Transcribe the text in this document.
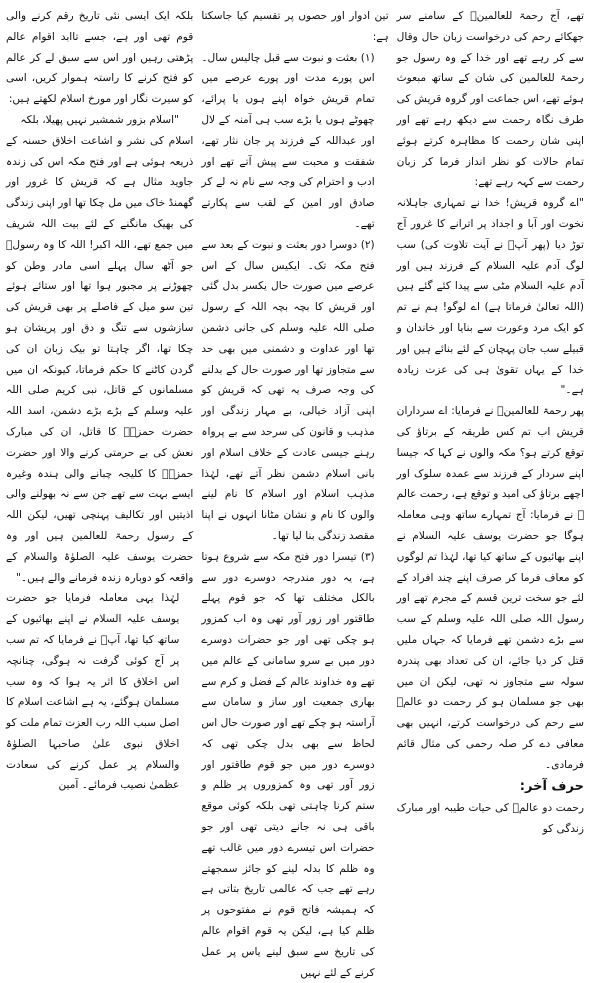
تھے، آج رحمۃ للعالمینؐ کے سامنے سر جھکائے رحم کی درخواست زبان حال وقال سے کر رہے تھے اور خدا کے وہ رسول جو رحمۃ للعالمین کی شان کے ساتھ مبعوث ہوئے تھے، اس جماعت اور گروہ قریش کی طرف نگاہ رحمت سے دیکھ رہے تھے اور اپنی شان رحمت کا مظاہرہ کرتے ہوئے تمام حالات کو نظر انداز فرما کر زبان رحمت سے کہہ رہے تھے:

"اے گروہ قریش! خدا نے تمہاری جاہلانہ نخوت اور آبا و اجداد پر اترانے کا غرور آج توڑ دیا (پھر آپؐ نے آیت تلاوت کی) سب لوگ آدم علیہ السلام کے فرزند ہیں اور آدم علیہ السلام مٹی سے پیدا کئے گئے ہیں (اللہ تعالیٰ فرماتا ہے) اے لوگو! ہم نے تم کو ایک مرد وعورت سے بنایا اور خاندان و قبیلے سب جان پہچان کے لئے بنائے ہیں اور خدا کے یہاں تقویٰ ہی کی عزت زیادہ ہے۔"

پھر رحمۃ للعالمینؐ نے فرمایا: اے سرداران قریش اب تم کس طریقہ کے برتاؤ کی توقع کرتے ہو؟ مکہ والوں نے کہا کہ جیسا اپنے سردار کے فرزند سے عمدہ سلوک اور اچھے برتاؤ کی امید و توقع ہے، رحمت عالم ﷺ نے فرمایا: آج تمہارے ساتھ وہی معاملہ ہوگا جو حضرت یوسف علیہ السلام نے اپنے بھائیوں کے ساتھ کیا تھا، لہٰذا تم لوگوں کو معاف فرما کر صرف اپنے چند افراد کے لئے جو سخت ترین قسم کے مجرم تھے اور رسول اللہ صلی اللہ علیہ وسلم کے سب سے بڑے دشمن تھے فرمایا کہ جہاں ملیں قتل کر دیا جائے، ان کی تعداد بھی پندرہ سولہ سے متجاوز نہ تھی، لیکن ان میں بھی جو مسلمان ہو کر رحمت دو عالمؐ سے رحم کی درخواست کرتے، انہیں بھی معافی دے کر صلہ رحمی کی مثال قائم فرمادی۔

حرف آخر:

رحمت دو عالمؐ کی حیات طیبہ اور مبارک زندگی کو

تین ادوار اور حصوں پر تقسیم کیا جاسکتا ہے:

(۱) بعثت و نبوت سے قبل چالیس سال۔ اس پورے مدت اور پورے عرصے میں تمام قریش خواہ اپنے ہوں یا پرائے، چھوٹے ہوں یا بڑے سب ہی آمنہ کے لال اور عبداللہ کے فرزند پر جان نثار تھے، شفقت و محبت سے پیش آتے تھے اور ادب و احترام کی وجہ سے نام نہ لے کر صادق اور امین کے لقب سے پکارتے تھے۔

(۲) دوسرا دور بعثت و نبوت کے بعد سے فتح مکہ تک۔ ایکیس سال کے اس عرصے میں صورت حال یکسر بدل گئی اور قریش کا بچہ بچہ اللہ کے رسول صلی اللہ علیہ وسلم کی جانی دشمن تھا اور عداوت و دشمنی میں بھی حد سے متجاوز تھا اور صورت حال کے بدلنے کی وجہ صرف یہ تھی کہ قریش کو اپنی آزاد خیالی، بے مہار زندگی اور مذہب و قانون کی سرحد سے بے پرواہ رہنے جیسی عادت کے خلاف اسلام اور بانی اسلام دشمن نظر آتے تھے، لہٰذا مذہب اسلام اور اسلام کا نام لینے والوں کا نام و نشان مٹانا انہوں نے اپنا مقصد زندگی بنا لیا تھا۔

(۳) تیسرا دور فتح مکہ سے شروع ہوتا ہے، یہ دور مندرجہ دوسرے دور سے بالکل مختلف تھا کہ جو قوم پہلے طاقتور اور زور آور تھی وہ اب کمزور ہو چکی تھی اور جو حضرات دوسرے دور میں بے سرو سامانی کے عالم میں تھے وہ خداوند عالم کے فضل و کرم سے بھاری جمعیت اور ساز و سامان سے آراستہ ہو چکے تھے اور صورت حال اس لحاظ سے بھی بدل چکی تھی کہ دوسرے دور میں جو قوم طاقتور اور زور آور تھی وہ کمزوروں پر ظلم و ستم کرنا چاہتی تھی بلکہ کوئی موقع باقی ہی نہ جانے دیتی تھی اور جو حضرات اس تیسرے دور میں غالب تھے وہ ظلم کا بدلہ لینے کو جائز سمجھتے رہے تھے جب کہ عالمی تاریخ بتاتی ہے کہ ہمیشہ فاتح قوم نے مفتوحوں پر ظلم کیا ہے، لیکن یہ قوم اقوام عالم کی تاریخ سے سبق لینے یاس پر عمل کرنے کے لئے نہیں

بلکہ ایک ایسی نئی تاریخ رقم کرنے والی قوم تھی اور ہے، جسے تاابد اقوام عالم پڑھتی رہیں اور اس سے سبق لے کر عالم کو فتح کرنے کا راستہ ہموار کریں، اسی کو سیرت نگار اور مورخ اسلام لکھتے ہیں:

"اسلام بزور شمشیر نہیں پھیلا، بلکہ

اسلام کی نشر و اشاعت اخلاق حسنہ کے ذریعہ ہوئی ہے اور فتح مکہ اس کی زندہ جاوید مثال ہے کہ قریش کا غرور اور گھمنڈ خاک میں مل چکا تھا اور اپنی زندگی کی بھیک مانگنے کے لئے بیت اللہ شریف میں جمع تھے، اللہ اکبر! اللہ کا وہ رسولؐ جو آٹھ سال پہلے اسی مادر وطن کو چھوڑنے پر مجبور ہوا تھا اور ستائے ہوئے تین سو میل کے فاصلے پر بھی قریش کی سازشوں سے تنگ و دق اور پریشان ہو چکا تھا، اگر چاہتا تو بیک زبان ان کی گردن کاٹنے کا حکم فرماتا، کیونکہ ان میں مسلمانوں کے قاتل، نبی کریم صلی اللہ علیہ وسلم کے بڑے بڑے دشمن، اسد اللہ حضرت حمزہؓ کا قاتل، ان کی مبارک نعش کی بے حرمتی کرنے والا اور حضرت حمزہؓ کا کلیجہ چبانے والی ہندہ وغیرہ ایسے بہت سے تھے جن سے نہ بھولنے والی اذیتیں اور تکالیف پہنچی تھیں، لیکن اللہ کے رسول رحمۃ للعالمین ہیں اور وہ حضرت یوسف علیہ الصلوٰۃ والسلام کے واقعہ کو دوبارہ زندہ فرمانے والے ہیں۔"

لہٰذا یہی معاملہ فرمایا جو حضرت یوسف علیہ السلام نے اپنے بھائیوں کے ساتھ کیا تھا، آپؐ نے فرمایا کہ تم سب پر آج کوئی گرفت نہ ہوگی، چنانچہ اس اخلاق کا اثر یہ ہوا کہ وہ سب مسلمان ہوگئے، یہ ہے اشاعت اسلام کا اصل سبب اللہ رب العزت تمام ملت کو اخلاق نبوی علیٰ صاحبہا الصلوٰۃ والسلام پر عمل کرنے کی سعادت عظمیٰ نصیب فرمائے۔ آمین
